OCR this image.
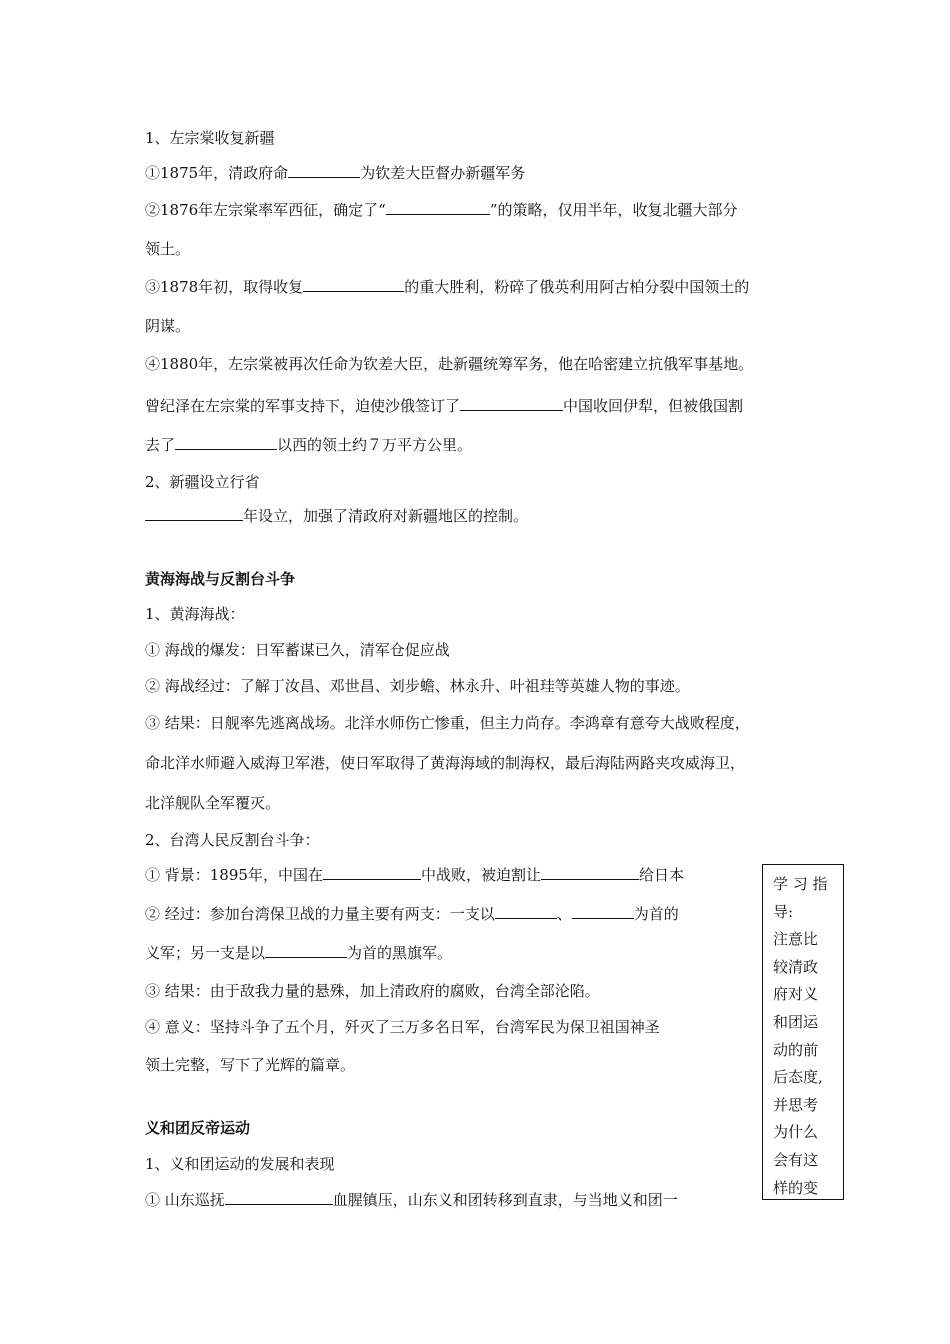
1、左宗棠收复新疆
①1875年，清政府命	为钦差大臣督办新疆军务
②1876年左宗棠率军西征，确定了“	”的策略，仅用半年，收复北疆大部分
领土。
③1878年初，取得收复	的重大胜利，粉碎了俄英利用阿古柏分裂中国领土的
阴谋。
④1880年，左宗棠被再次任命为钦差大臣，赴新疆统筹军务，他在哈密建立抗俄军事基地。
曾纪泽在左宗棠的军事支持下，迫使沙俄签订了	中国收回伊犁，但被俄国割
去了	以西的领土约７万平方公里。
2、新疆设立行省
年设立，加强了清政府对新疆地区的控制。
黄海海战与反割台斗争
1、黄海海战：
① 海战的爆发：日军蓄谋已久，清军仓促应战
② 海战经过：了解丁汝昌、邓世昌、刘步蟾、林永升、叶祖珪等英雄人物的事迹。
③ 结果：日舰率先逃离战场。北洋水师伤亡惨重，但主力尚存。李鸿章有意夸大战败程度，
命北洋水师避入威海卫军港，使日军取得了黄海海域的制海权，最后海陆两路夹攻威海卫，
北洋舰队全军覆灭。
2、台湾人民反割台斗争：
① 背景：1895年，中国在	中战败，被迫割让	给日本
② 经过：参加台湾保卫战的力量主要有两支：一支以	、	为首的
义军；另一支是以	为首的黑旗军。
③ 结果：由于敌我力量的悬殊，加上清政府的腐败，台湾全部沦陷。
④ 意义：坚持斗争了五个月，歼灭了三万多名日军，台湾军民为保卫祖国神圣
领土完整，写下了光辉的篇章。
义和团反帝运动
1、义和团运动的发展和表现
① 山东巡抚	血腥镇压，山东义和团转移到直隶，与当地义和团一
学 习 指
导:
注意比
较清政
府对义
和团运
动的前
后态度,
并思考
为什么
会有这
样的变
